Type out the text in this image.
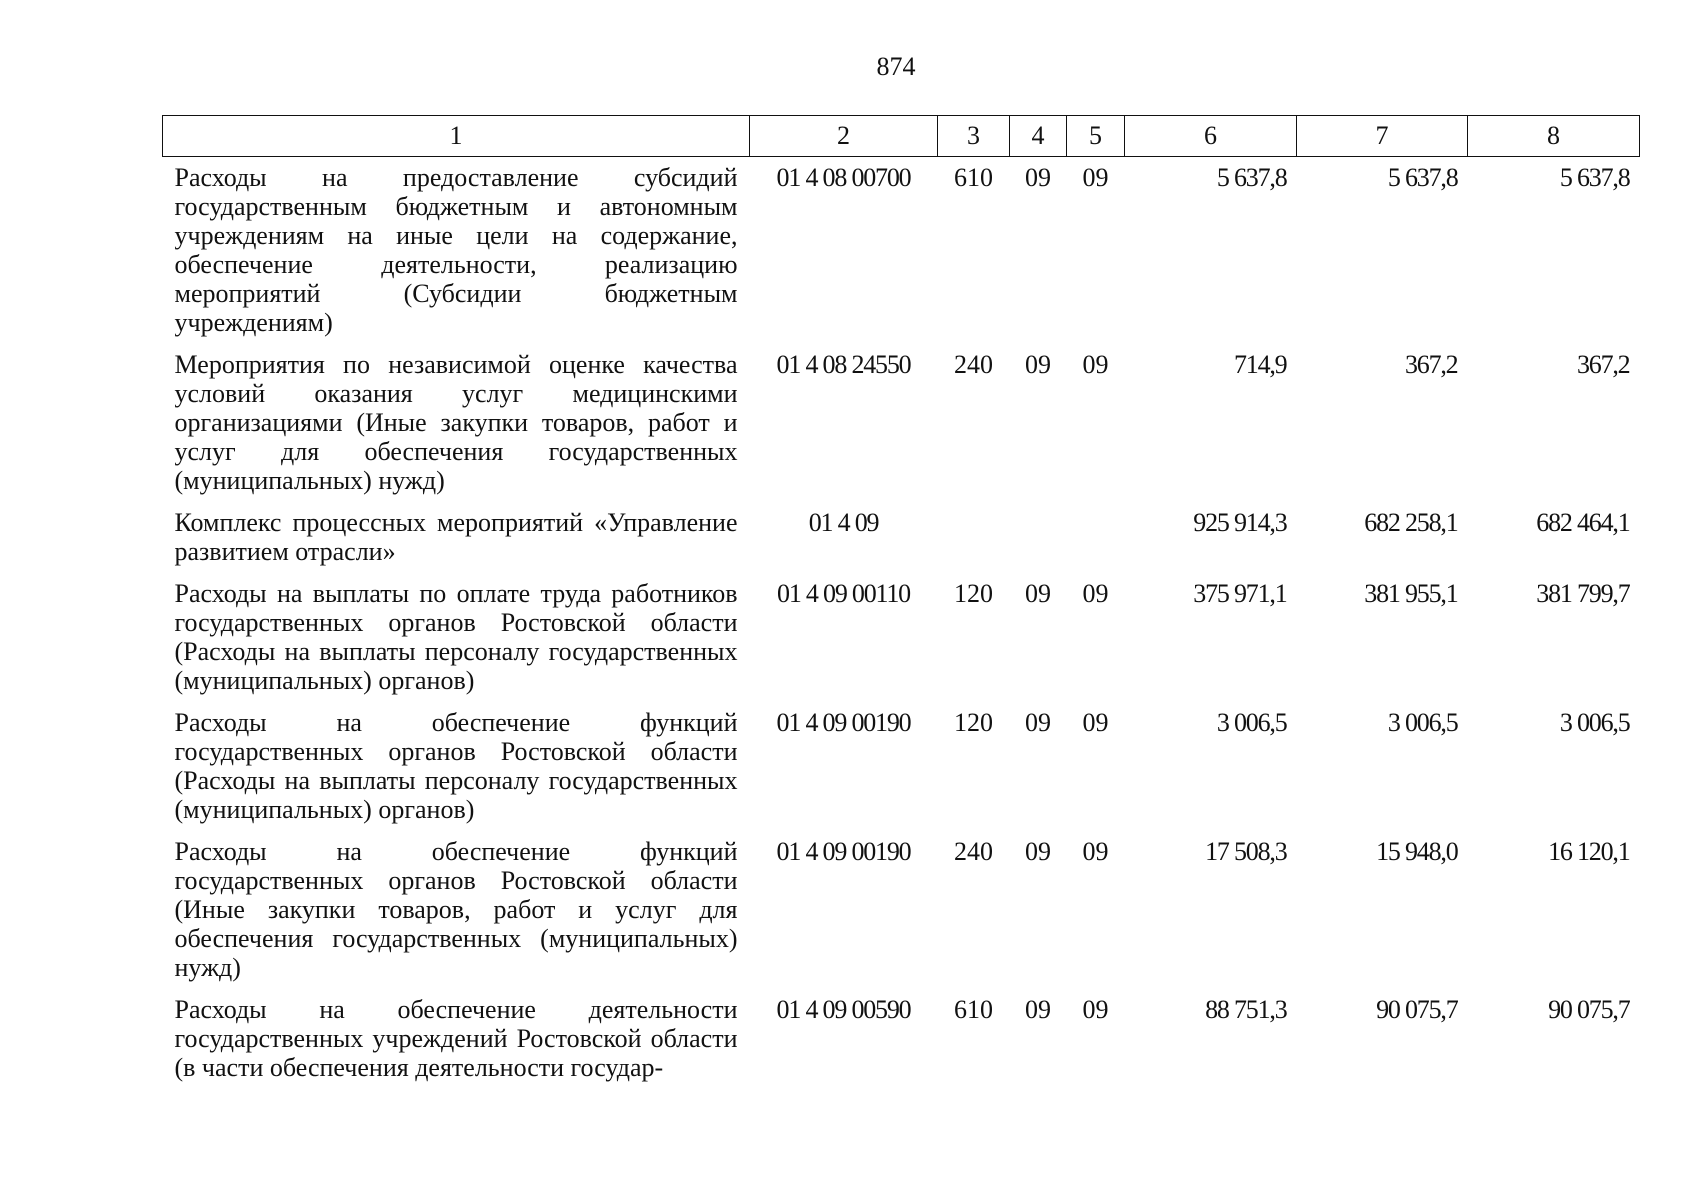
874
1	2	3	4	5	6	7	8
Расходы на предоставление субсидий государственным бюджетным и автономным учреждениям на иные цели на содержание, обеспечение деятельности, реализацию мероприятий (Субсидии бюджетным учреждениям)	01 4 08 00700	610	09	09	5 637,8	5 637,8	5 637,8
Мероприятия по независимой оценке качества условий оказания услуг медицинскими организациями (Иные закупки товаров, работ и услуг для обеспечения государственных (муниципальных) нужд)	01 4 08 24550	240	09	09	714,9	367,2	367,2
Комплекс процессных мероприятий «Управление развитием отрасли»	01 4 09				925 914,3	682 258,1	682 464,1
Расходы на выплаты по оплате труда работников государственных органов Ростовской области (Расходы на выплаты персоналу государственных (муниципальных) органов)	01 4 09 00110	120	09	09	375 971,1	381 955,1	381 799,7
Расходы на обеспечение функций государственных органов Ростовской области (Расходы на выплаты персоналу государственных (муниципальных) органов)	01 4 09 00190	120	09	09	3 006,5	3 006,5	3 006,5
Расходы на обеспечение функций государственных органов Ростовской области (Иные закупки товаров, работ и услуг для обеспечения государственных (муниципальных) нужд)	01 4 09 00190	240	09	09	17 508,3	15 948,0	16 120,1
Расходы на обеспечение деятельности государственных учреждений Ростовской области (в части обеспечения деятельности государ-	01 4 09 00590	610	09	09	88 751,3	90 075,7	90 075,7
